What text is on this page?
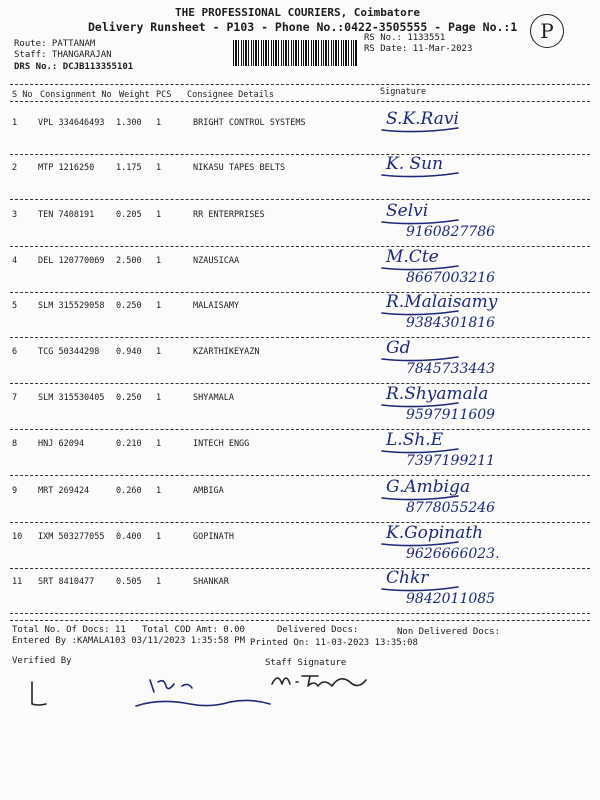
THE PROFESSIONAL COURIERS, Coimbatore
Delivery Runsheet - P103 - Phone No.:0422-3505555 - Page No.:1	P
Route: PATTANAM
Staff: THANGARAJAN
DRS No.: DCJB113355101
RS No.: 1133551
RS Date: 11-Mar-2023
S No Consignment No Weight PCS Consignee Details	Signature
1 VPL 334646493 1.300 1	BRIGHT CONTROL SYSTEMS	S.K.Ravi
2 MTP 1216250	1.175 1	NIKASU TAPES BELTS	K. Sun
3 TEN 7408191	0.205 1	RR ENTERPRISES	Selvi
9160827786
4 DEL 120770069 2.500 1	NZAUSICAA	M.Cte
8667003216
5 SLM 315529058 0.250 1	MALAISAMY	R.Malaisamy
9384301816
6 TCG 50344298 0.940 1	KZARTHIKEYAZN	Gd
7845733443
7 SLM 315530405 0.250 1	SHYAMALA	R.Shyamala
9597911609
8 HNJ 62094	0.210 1	INTECH ENGG	L.Sh.E
7397199211
9 MRT 269424	0.260 1	AMBIGA	G.Ambiga
8778055246
10 IXM 503277055 0.400 1	GOPINATH	K.Gopinath
9626666023.
11 SRT 8410477	0.505 1	SHANKAR	Chkr
9842011085
Total No. Of Docs: 11 Total COD Amt: 0.00	Delivered Docs:	Non Delivered Docs:
Entered By :KAMALA103 03/11/2023 1:35:58 PM Printed On: 11-03-2023 13:35:08
Verified By	Staff Signature
